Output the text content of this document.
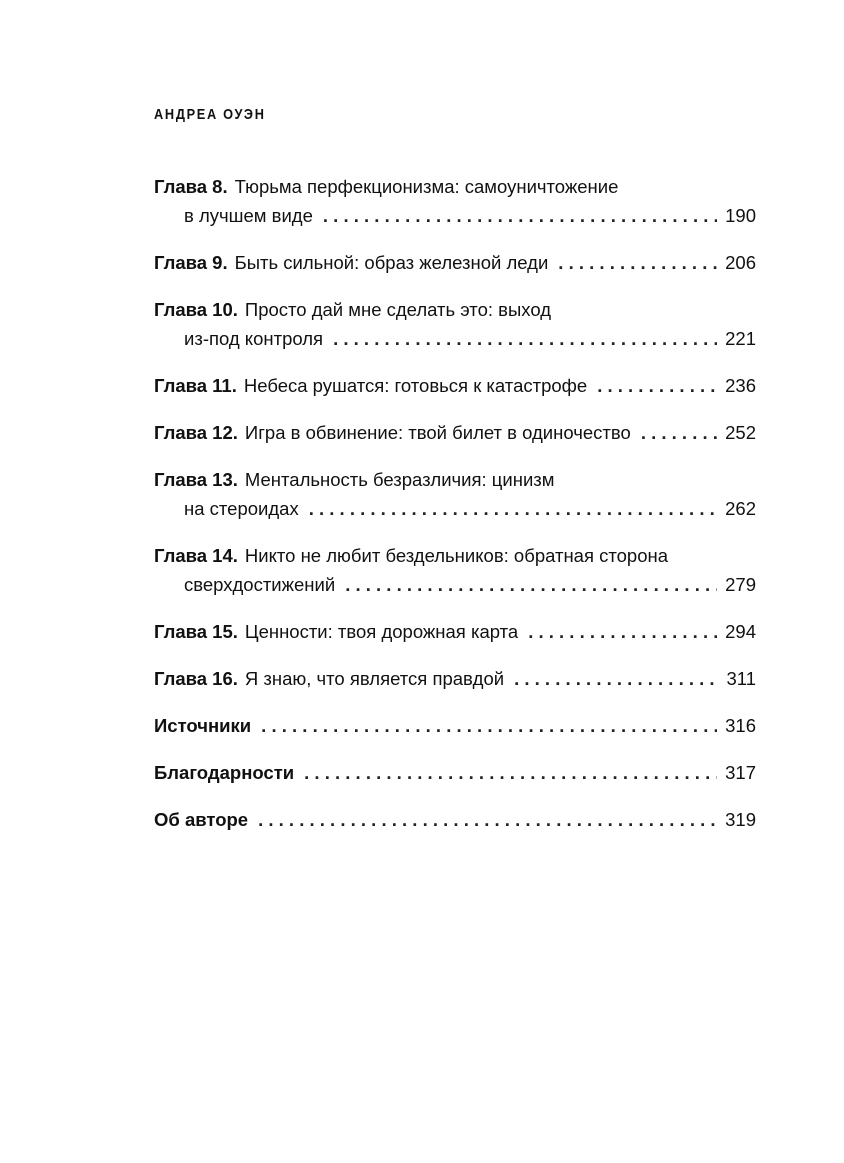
АНДРЕА ОУЭН
Глава 8. Тюрьма перфекционизма: самоуничтожение
в лучшем виде . . .	190
Глава 9. Быть сильной: образ железной леди . . .	206
Глава 10. Просто дай мне сделать это: выход
из-под контроля . . .	221
Глава 11. Небеса рушатся: готовься к катастрофе . . .	236
Глава 12. Игра в обвинение: твой билет в одиночество . . .	252
Глава 13. Ментальность безразличия: цинизм
на стероидах . . .	262
Глава 14. Никто не любит бездельников: обратная сторона
сверхдостижений . . .	279
Глава 15. Ценности: твоя дорожная карта . . .	294
Глава 16. Я знаю, что является правдой . . .	311
Источники . . .	316
Благодарности . . .	317
Об авторе . . .	319
